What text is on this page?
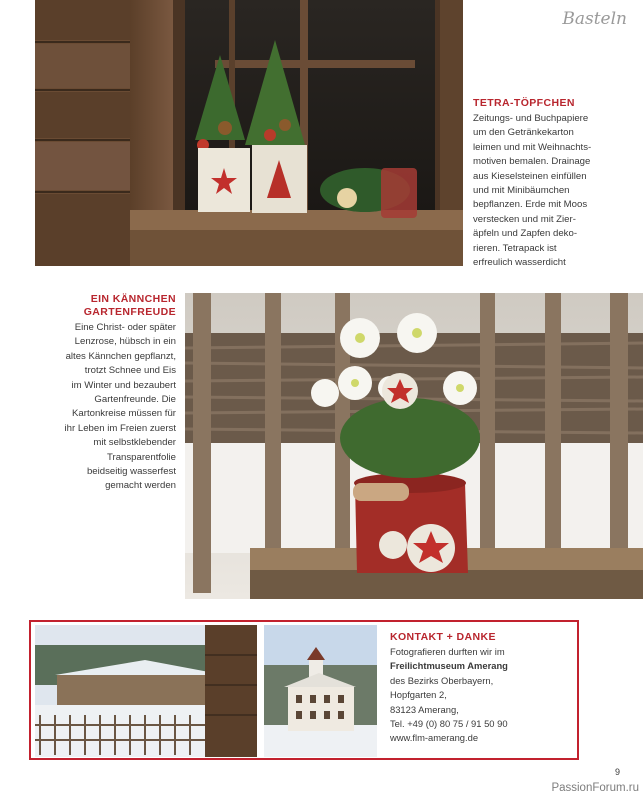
Basteln
TETRA-TÖPFCHEN
Zeitungs- und Buchpapiere
um den Getränkekarton
leimen und mit Weihnachts-
motiven bemalen. Drainage
aus Kieselsteinen einfüllen
und mit Minibäumchen
bepflanzen. Erde mit Moos
verstecken und mit Zier-
äpfeln und Zapfen deko-
rieren. Tetrapack ist
erfreulich wasserdicht
EIN KÄNNCHEN
GARTENFREUDE
Eine Christ- oder später
Lenzrose, hübsch in ein
altes Kännchen gepflanzt,
trotzt Schnee und Eis
im Winter und bezaubert
Gartenfreunde. Die
Kartonkreise müssen für
ihr Leben im Freien zuerst
mit selbstklebender
Transparentfolie
beidseitig wasserfest
gemacht werden
KONTAKT + DANKE
Fotografieren durften wir im
Freilichtmuseum Amerang
des Bezirks Oberbayern,
Hopfgarten 2,
83123 Amerang,
Tel. +49 (0) 80 75 / 91 50 90
www.flm-amerang.de
9
PassionForum.ru
